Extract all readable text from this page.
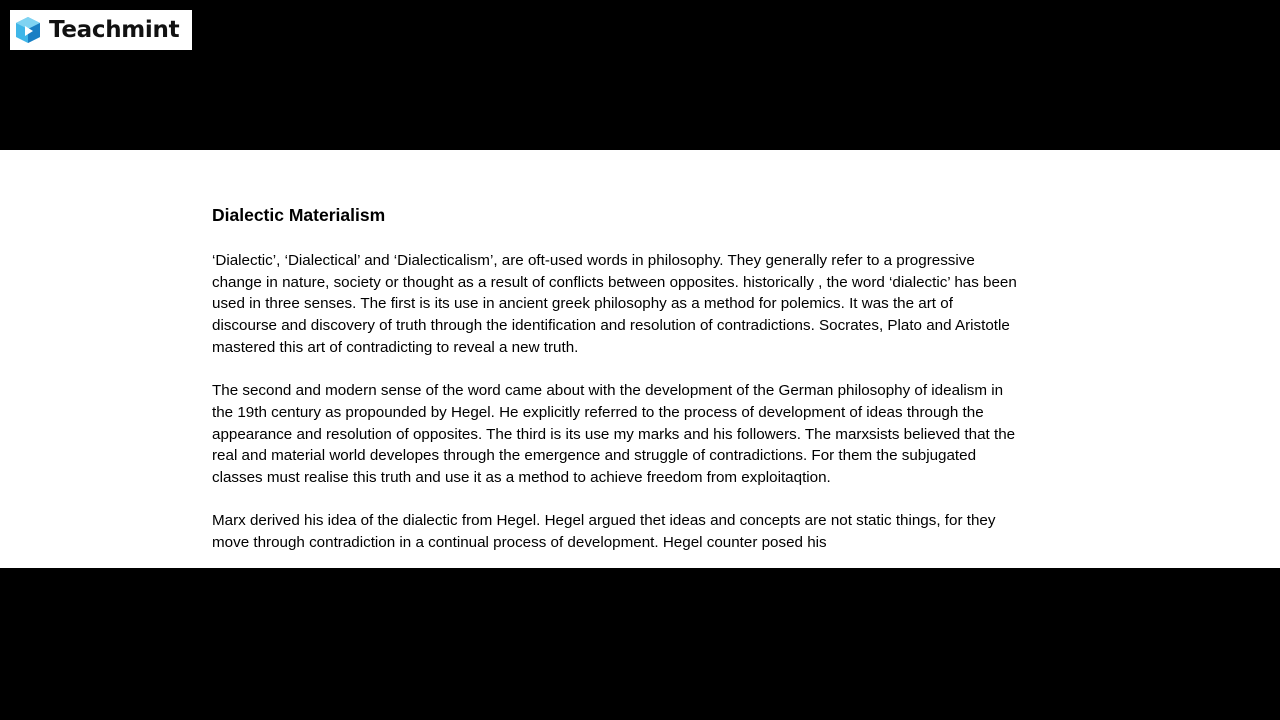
Teachmint
Dialectic Materialism

‘Dialectic’, ‘Dialectical’ and ‘Dialecticalism’, are oft-used words in philosophy. They generally refer to a progressive change in nature, society or thought as a result of conflicts between opposites. historically , the word ‘dialectic’ has been used in three senses. The first is its use in ancient greek philosophy as a method for polemics. It was the art of discourse and discovery of truth through the identification and resolution of contradictions. Socrates, Plato and Aristotle mastered this art of contradicting to reveal a new truth.

The second and modern sense of the word came about with the development of the German philosophy of idealism in the 19th century as propounded by Hegel. He explicitly referred to the process of development of ideas through the appearance and resolution of opposites. The third is its use my marks and his followers. The marxsists believed that the real and material world developes through the emergence and struggle of contradictions. For them the subjugated classes must realise this truth and use it as a method to achieve freedom from exploitaqtion.

Marx derived his idea of the dialectic from Hegel. Hegel argued thet ideas and concepts are not static things, for they move through contradiction in a continual process of development. Hegel counter posed his
